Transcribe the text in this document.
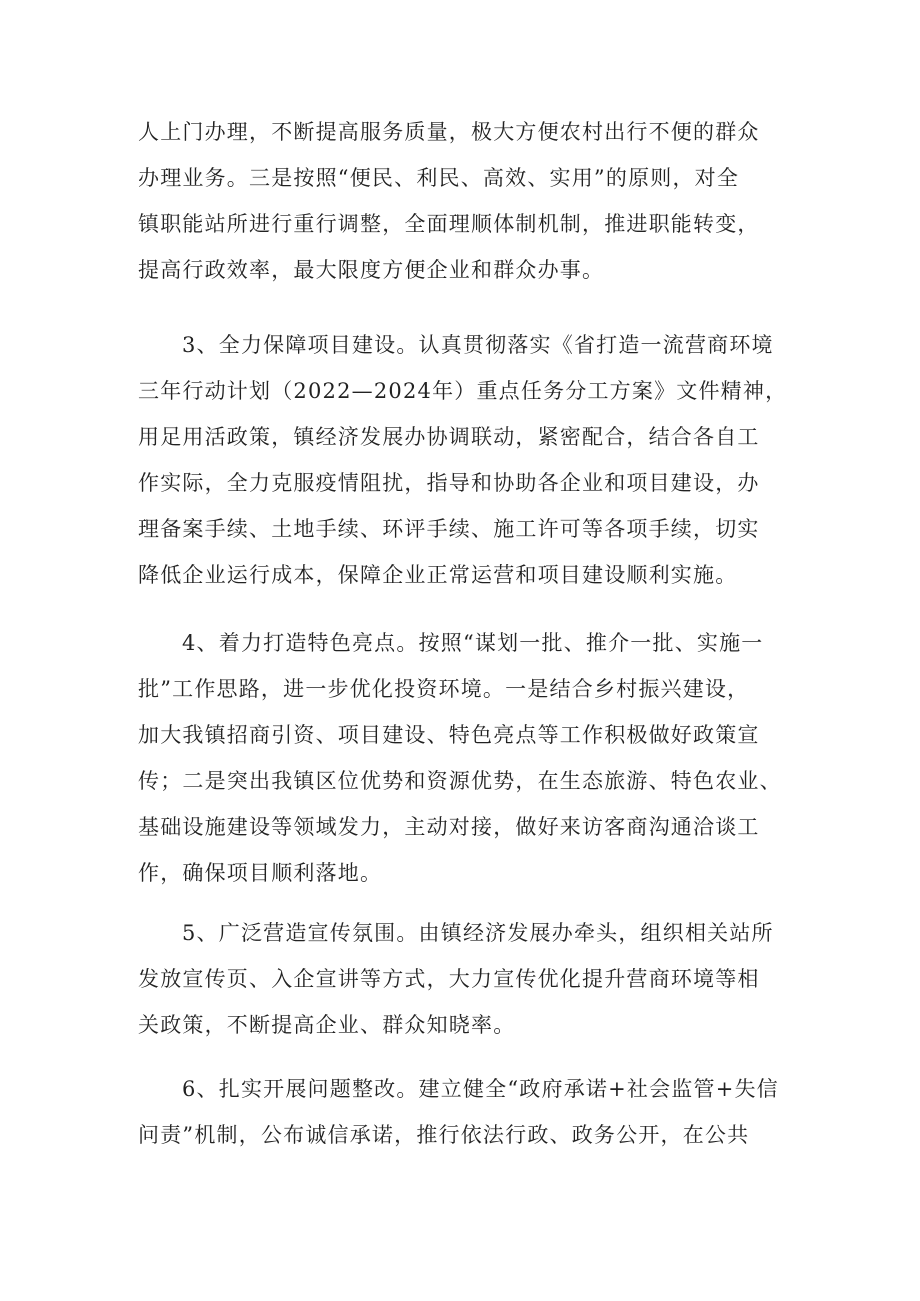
人上门办理，不断提高服务质量，极大方便农村出行不便的群众
办理业务。三是按照“便民、利民、高效、实用”的原则，对全
镇职能站所进行重行调整，全面理顺体制机制，推进职能转变，
提高行政效率，最大限度方便企业和群众办事。

3、全力保障项目建设。认真贯彻落实《省打造一流营商环境
三年行动计划（2022—2024年）重点任务分工方案》文件精神，
用足用活政策，镇经济发展办协调联动，紧密配合，结合各自工
作实际，全力克服疫情阻扰，指导和协助各企业和项目建设，办
理备案手续、土地手续、环评手续、施工许可等各项手续，切实
降低企业运行成本，保障企业正常运营和项目建设顺利实施。

4、着力打造特色亮点。按照“谋划一批、推介一批、实施一
批”工作思路，进一步优化投资环境。一是结合乡村振兴建设，
加大我镇招商引资、项目建设、特色亮点等工作积极做好政策宣
传；二是突出我镇区位优势和资源优势，在生态旅游、特色农业、
基础设施建设等领域发力，主动对接，做好来访客商沟通洽谈工
作，确保项目顺利落地。

5、广泛营造宣传氛围。由镇经济发展办牵头，组织相关站所
发放宣传页、入企宣讲等方式，大力宣传优化提升营商环境等相
关政策，不断提高企业、群众知晓率。

6、扎实开展问题整改。建立健全“政府承诺+社会监管+失信
问责”机制，公布诚信承诺，推行依法行政、政务公开，在公共
